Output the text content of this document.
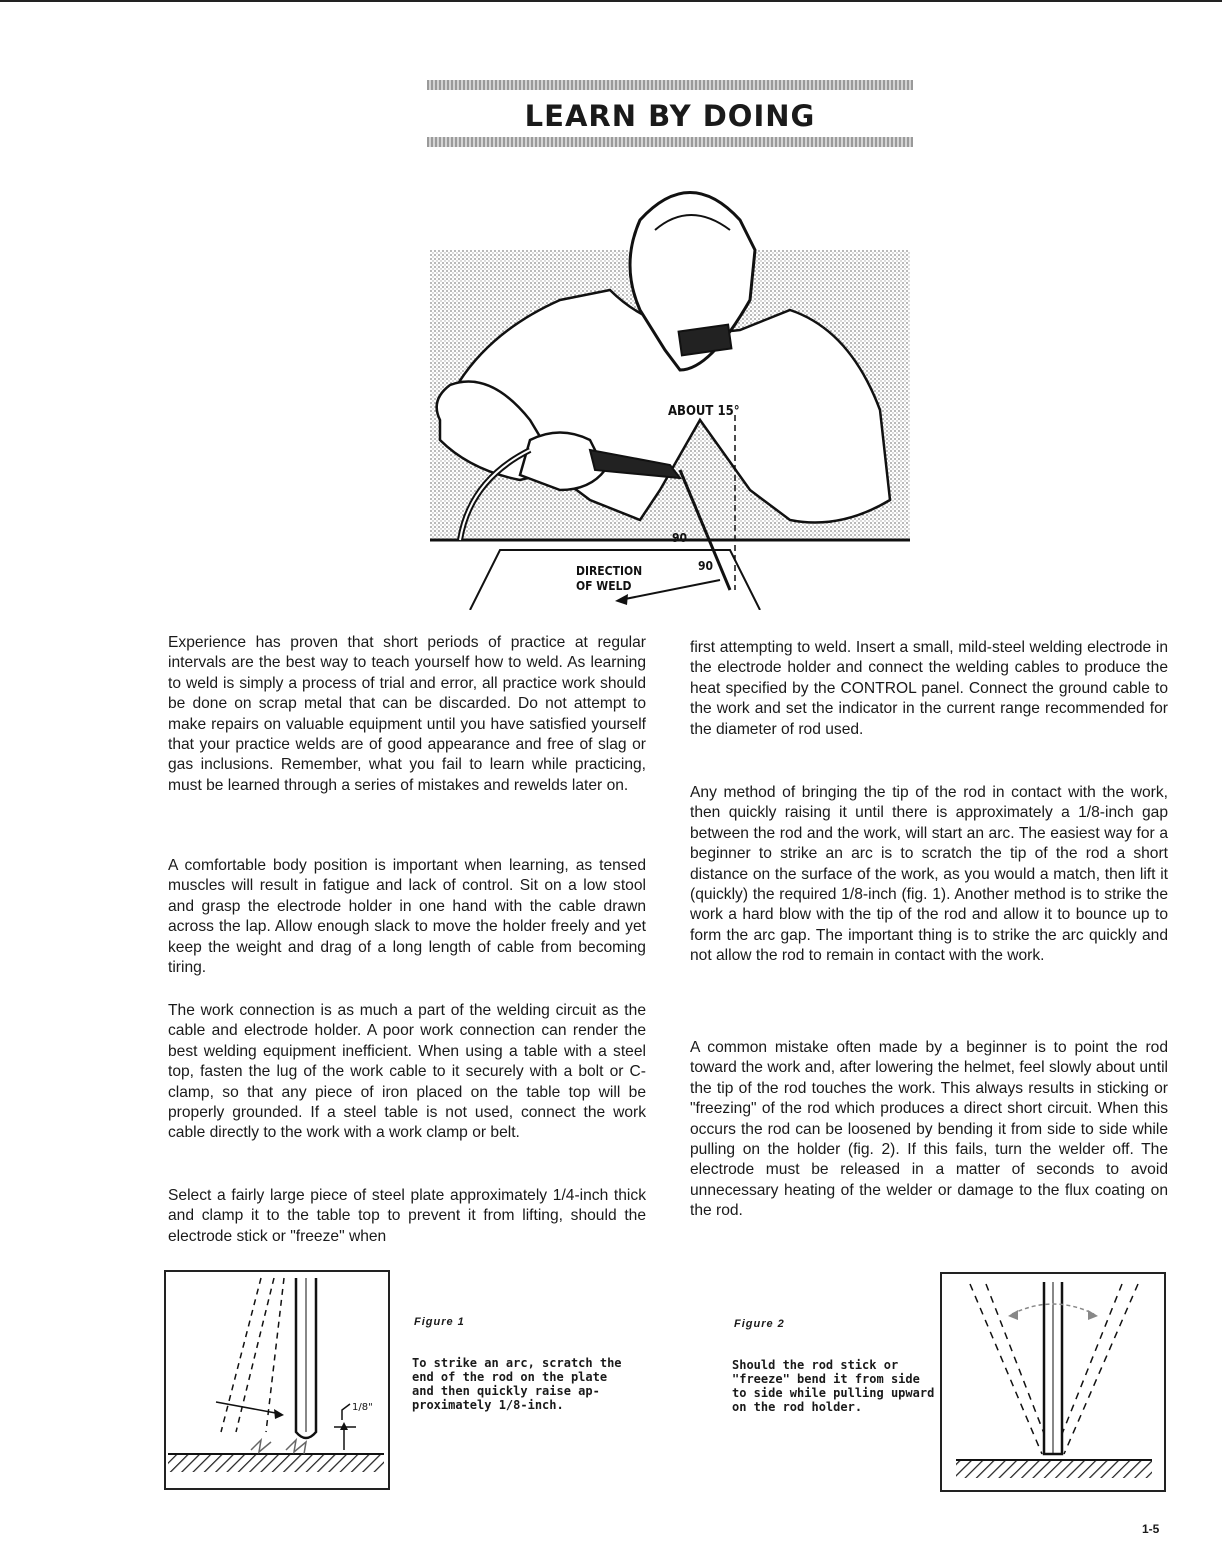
LEARN BY DOING
ABOUT 15°
90
90
DIRECTION
OF WELD
Experience has proven that short periods of practice at regular intervals are the best way to teach yourself how to weld. As learning to weld is simply a process of trial and error, all practice work should be done on scrap metal that can be discarded. Do not attempt to make repairs on valuable equipment until you have satisfied yourself that your practice welds are of good appearance and free of slag or gas inclusions. Remember, what you fail to learn while practicing, must be learned through a series of mistakes and rewelds later on.
A comfortable body position is important when learning, as tensed muscles will result in fatigue and lack of control. Sit on a low stool and grasp the electrode holder in one hand with the cable drawn across the lap. Allow enough slack to move the holder freely and yet keep the weight and drag of a long length of cable from becoming tiring.
The work connection is as much a part of the welding circuit as the cable and electrode holder. A poor work connection can render the best welding equipment inefficient. When using a table with a steel top, fasten the lug of the work cable to it securely with a bolt or C-clamp, so that any piece of iron placed on the table top will be properly grounded. If a steel table is not used, connect the work cable directly to the work with a work clamp or belt.
Select a fairly large piece of steel plate approximately 1/4-inch thick and clamp it to the table top to prevent it from lifting, should the electrode stick or "freeze" when
first attempting to weld. Insert a small, mild-steel welding electrode in the electrode holder and connect the welding cables to produce the heat specified by the CONTROL panel. Connect the ground cable to the work and set the indicator in the current range recommended for the diameter of rod used.
Any method of bringing the tip of the rod in contact with the work, then quickly raising it until there is approximately a 1/8-inch gap between the rod and the work, will start an arc. The easiest way for a beginner to strike an arc is to scratch the tip of the rod a short distance on the surface of the work, as you would a match, then lift it (quickly) the required 1/8-inch (fig. 1). Another method is to strike the work a hard blow with the tip of the rod and allow it to bounce up to form the arc gap. The important thing is to strike the arc quickly and not allow the rod to remain in contact with the work.
A common mistake often made by a beginner is to point the rod toward the work and, after lowering the helmet, feel slowly about until the tip of the rod touches the work. This always results in sticking or "freezing" of the rod which produces a direct short circuit. When this occurs the rod can be loosened by bending it from side to side while pulling on the holder (fig. 2). If this fails, turn the welder off. The electrode must be released in a matter of seconds to avoid unnecessary heating of the welder or damage to the flux coating on the rod.
1/8"
Figure 1
To strike an arc, scratch the
end of the rod on the plate
and then quickly raise ap-
proximately 1/8-inch.
Figure 2
Should the rod stick or
"freeze" bend it from side
to side while pulling upward
on the rod holder.
1-5
